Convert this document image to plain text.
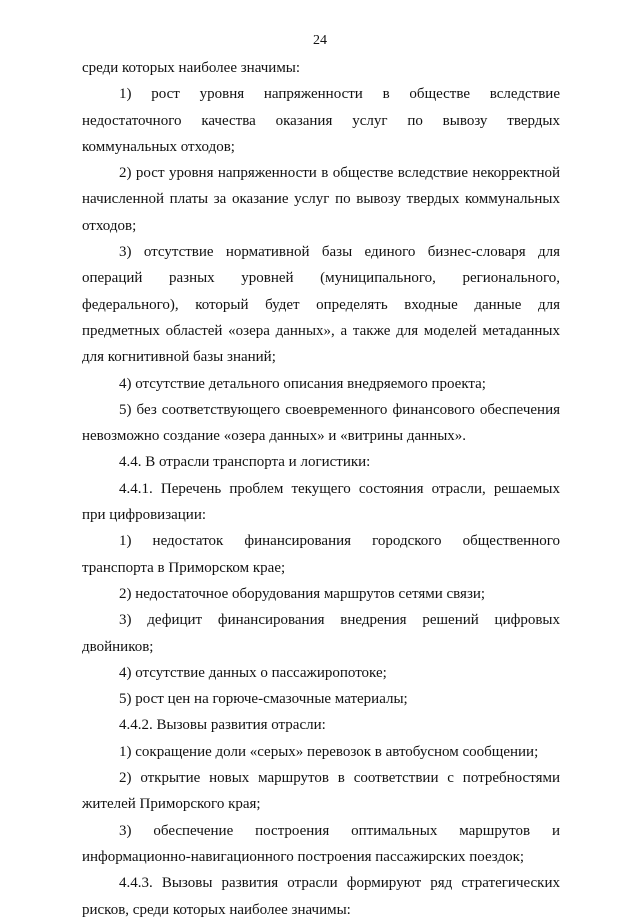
24

среди которых наиболее значимы:

1) рост уровня напряженности в обществе вследствие недостаточного качества оказания услуг по вывозу твердых коммунальных отходов;

2) рост уровня напряженности в обществе вследствие некорректной начисленной платы за оказание услуг по вывозу твердых коммунальных отходов;

3) отсутствие нормативной базы единого бизнес-словаря для операций разных уровней (муниципального, регионального, федерального), который будет определять входные данные для предметных областей «озера данных», а также для моделей метаданных для когнитивной базы знаний;

4) отсутствие детального описания внедряемого проекта;

5) без соответствующего своевременного финансового обеспечения невозможно создание «озера данных» и «витрины данных».

4.4. В отрасли транспорта и логистики:

4.4.1. Перечень проблем текущего состояния отрасли, решаемых при цифровизации:

1) недостаток финансирования городского общественного транспорта в Приморском крае;

2) недостаточное оборудования маршрутов сетями связи;

3) дефицит финансирования внедрения решений цифровых двойников;

4) отсутствие данных о пассажиропотоке;

5) рост цен на горюче-смазочные материалы;

4.4.2. Вызовы развития отрасли:

1) сокращение доли «серых» перевозок в автобусном сообщении;

2) открытие новых маршрутов в соответствии с потребностями жителей Приморского края;

3) обеспечение построения оптимальных маршрутов и информационно-навигационного построения пассажирских поездок;

4.4.3. Вызовы развития отрасли формируют ряд стратегических рисков, среди которых наиболее значимы:
